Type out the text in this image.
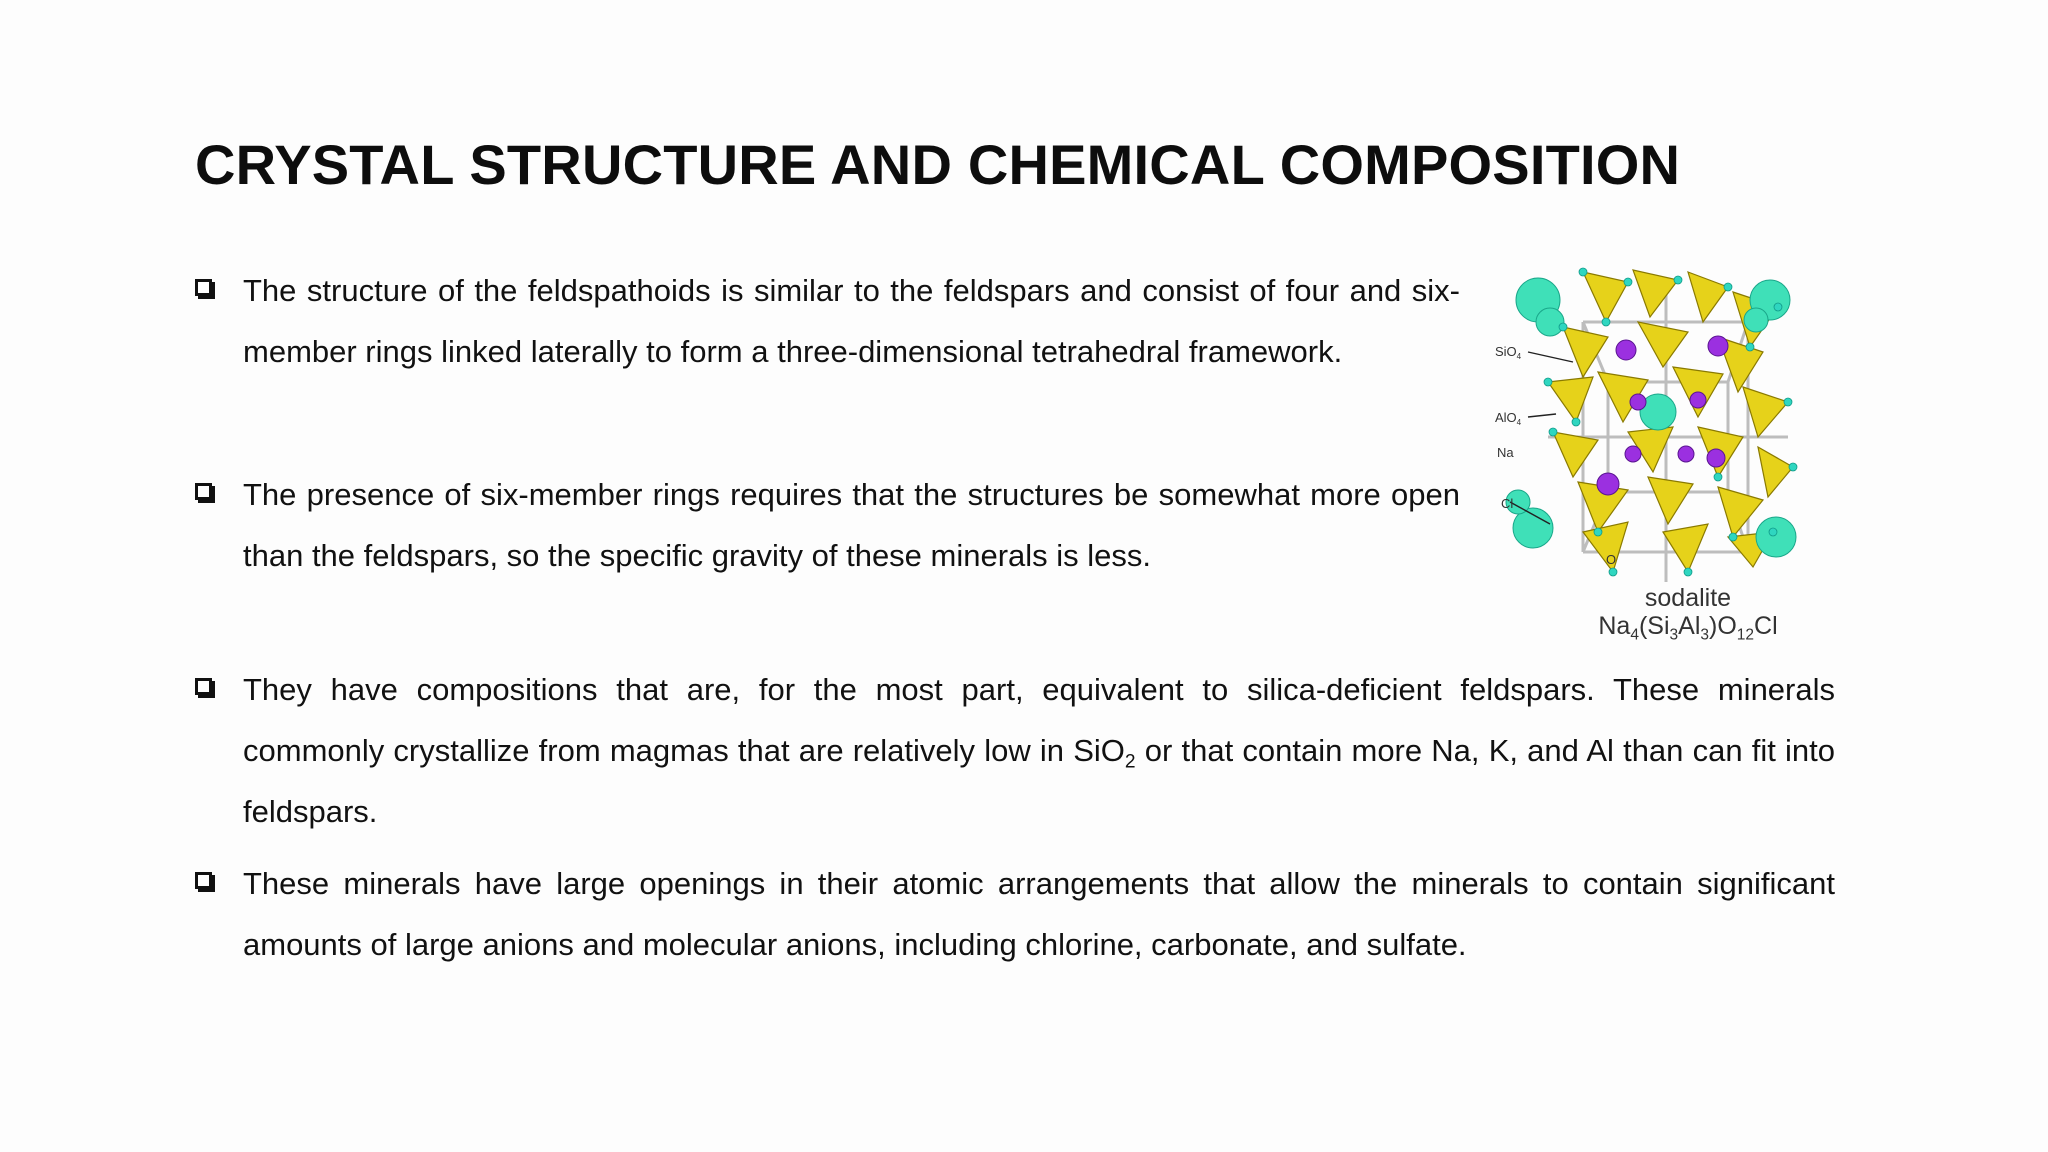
CRYSTAL STRUCTURE AND CHEMICAL COMPOSITION
The structure of the feldspathoids is similar to the feldspars and consist of four and six-member rings linked laterally to form a three-dimensional tetrahedral framework.
The presence of six-member rings requires that the structures be somewhat more open than the feldspars, so the specific gravity of these minerals is less.
They have compositions that are, for the most part, equivalent to silica-deficient feldspars. These minerals commonly crystallize from magmas that are relatively low in SiO$_2$ or that contain more Na, K, and Al than can fit into feldspars.
These minerals have large openings in their atomic arrangements that allow the minerals to contain significant amounts of large anions and molecular anions, including chlorine, carbonate, and sulfate.
SiO$_4$
AlO$_4$
Na
Cl
O
sodalite
$Na_4(Si_3Al_3)O_{12}Cl$
